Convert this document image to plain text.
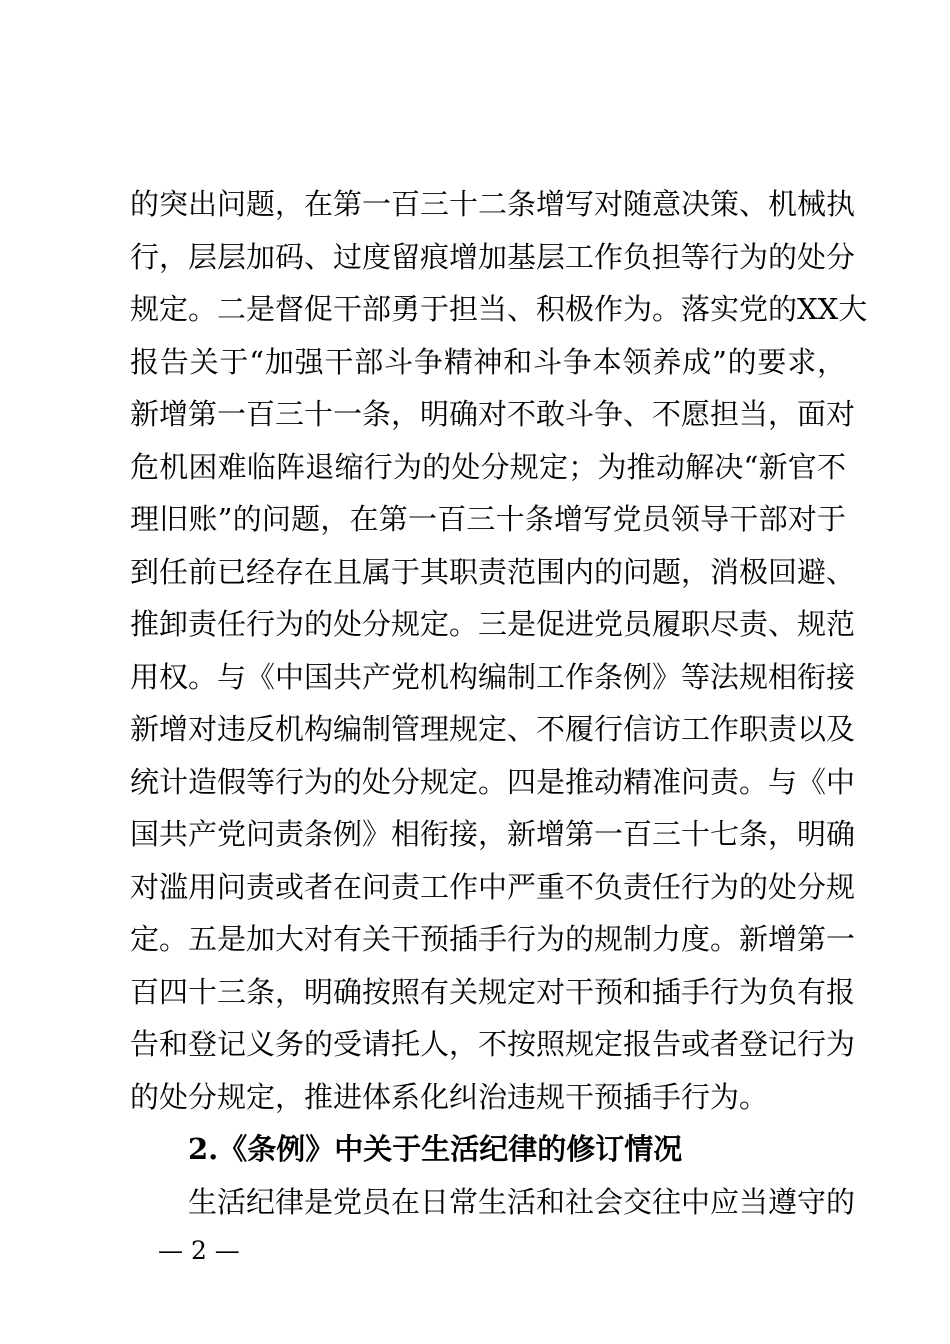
的突出问题，在第一百三十二条增写对随意决策、机械执
行，层层加码、过度留痕增加基层工作负担等行为的处分
规定。二是督促干部勇于担当、积极作为。落实党的XX大
报告关于“加强干部斗争精神和斗争本领养成”的要求，
新增第一百三十一条，明确对不敢斗争、不愿担当，面对
危机困难临阵退缩行为的处分规定；为推动解决“新官不
理旧账”的问题，在第一百三十条增写党员领导干部对于
到任前已经存在且属于其职责范围内的问题，消极回避、
推卸责任行为的处分规定。三是促进党员履职尽责、规范
用权。与《中国共产党机构编制工作条例》等法规相衔接
新增对违反机构编制管理规定、不履行信访工作职责以及
统计造假等行为的处分规定。四是推动精准问责。与《中
国共产党问责条例》相衔接，新增第一百三十七条，明确
对滥用问责或者在问责工作中严重不负责任行为的处分规
定。五是加大对有关干预插手行为的规制力度。新增第一
百四十三条，明确按照有关规定对干预和插手行为负有报
告和登记义务的受请托人，不按照规定报告或者登记行为
的处分规定，推进体系化纠治违规干预插手行为。
2.《条例》中关于生活纪律的修订情况
生活纪律是党员在日常生活和社会交往中应当遵守的
— 2 —
